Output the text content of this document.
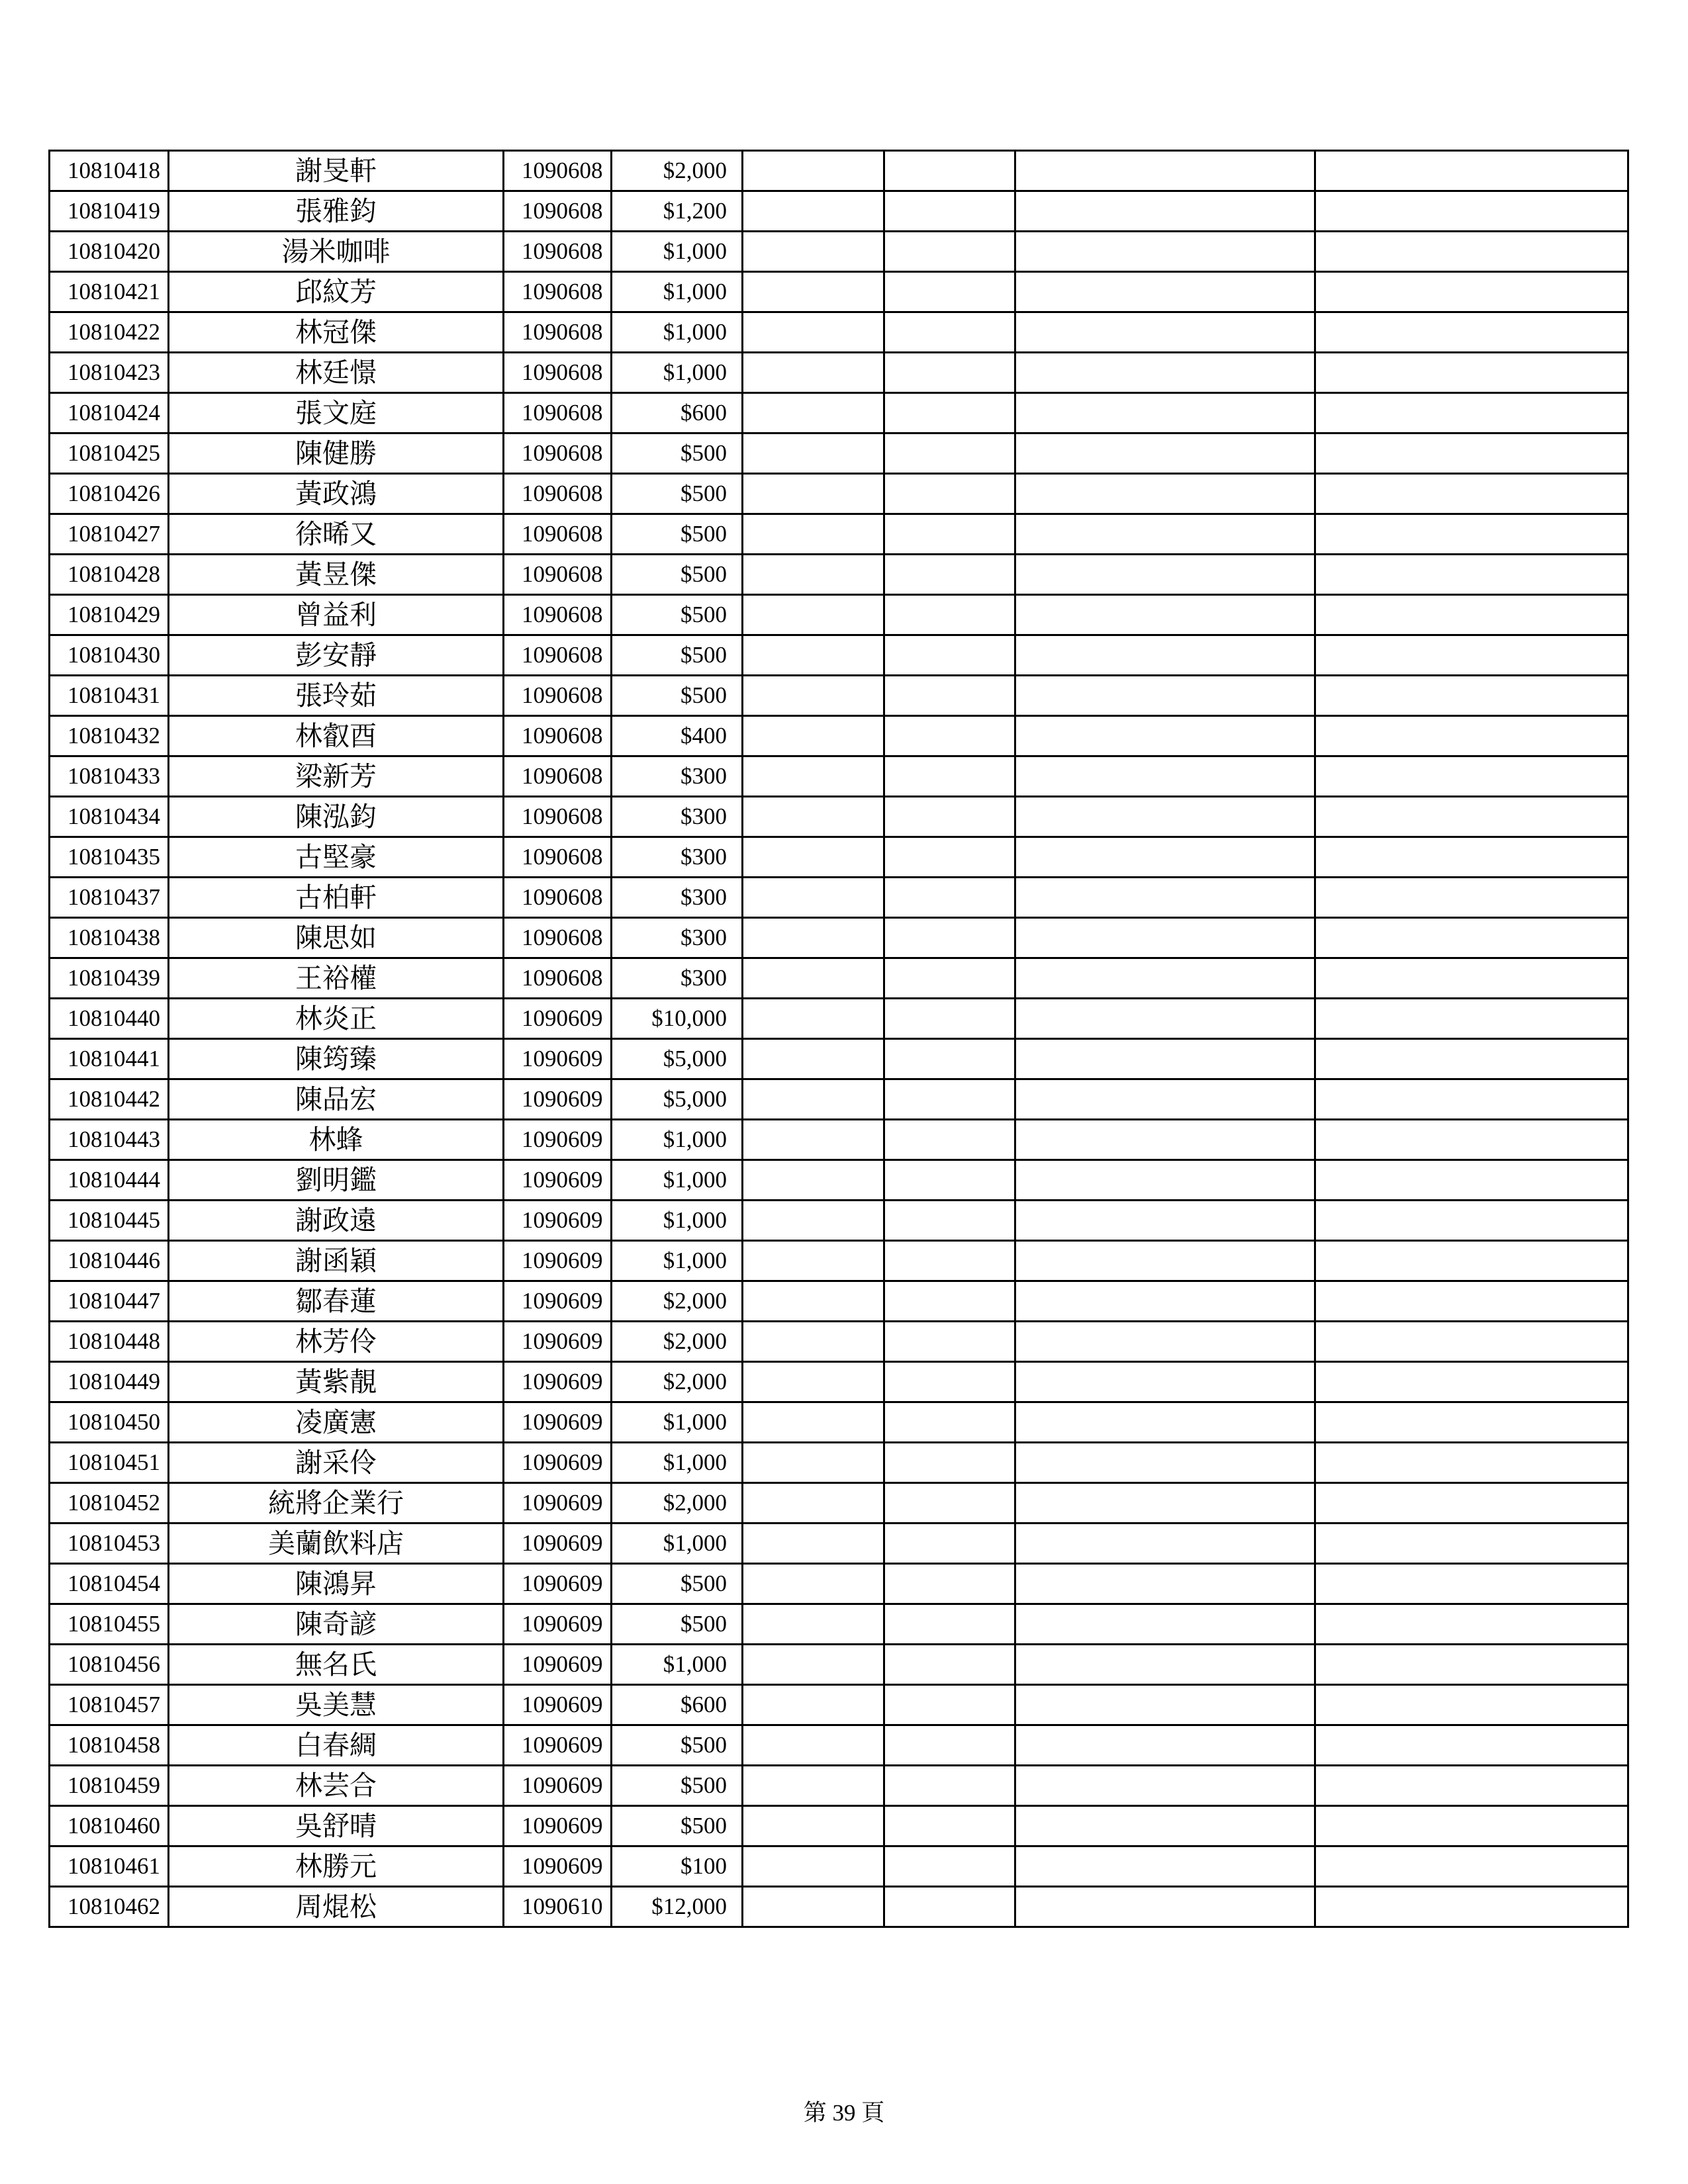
10810418	謝旻軒	1090608	$2,000				
10810419	張雅鈞	1090608	$1,200				
10810420	湯米咖啡	1090608	$1,000				
10810421	邱紋芳	1090608	$1,000				
10810422	林冠傑	1090608	$1,000				
10810423	林廷憬	1090608	$1,000				
10810424	張文庭	1090608	$600				
10810425	陳健勝	1090608	$500				
10810426	黃政鴻	1090608	$500				
10810427	徐晞又	1090608	$500				
10810428	黃昱傑	1090608	$500				
10810429	曾益利	1090608	$500				
10810430	彭安靜	1090608	$500				
10810431	張玲茹	1090608	$500				
10810432	林叡酉	1090608	$400				
10810433	梁新芳	1090608	$300				
10810434	陳泓鈞	1090608	$300				
10810435	古堅豪	1090608	$300				
10810437	古柏軒	1090608	$300				
10810438	陳思如	1090608	$300				
10810439	王裕權	1090608	$300				
10810440	林炎正	1090609	$10,000				
10810441	陳筠臻	1090609	$5,000				
10810442	陳品宏	1090609	$5,000				
10810443	林蜂	1090609	$1,000				
10810444	劉明鑑	1090609	$1,000				
10810445	謝政遠	1090609	$1,000				
10810446	謝函穎	1090609	$1,000				
10810447	鄒春蓮	1090609	$2,000				
10810448	林芳伶	1090609	$2,000				
10810449	黃紫靚	1090609	$2,000				
10810450	凌廣憲	1090609	$1,000				
10810451	謝采伶	1090609	$1,000				
10810452	統將企業行	1090609	$2,000				
10810453	美蘭飲料店	1090609	$1,000				
10810454	陳鴻昇	1090609	$500				
10810455	陳奇諺	1090609	$500				
10810456	無名氏	1090609	$1,000				
10810457	吳美慧	1090609	$600				
10810458	白春綢	1090609	$500				
10810459	林芸合	1090609	$500				
10810460	吳舒晴	1090609	$500				
10810461	林勝元	1090609	$100				
10810462	周焜松	1090610	$12,000				
第 39 頁
